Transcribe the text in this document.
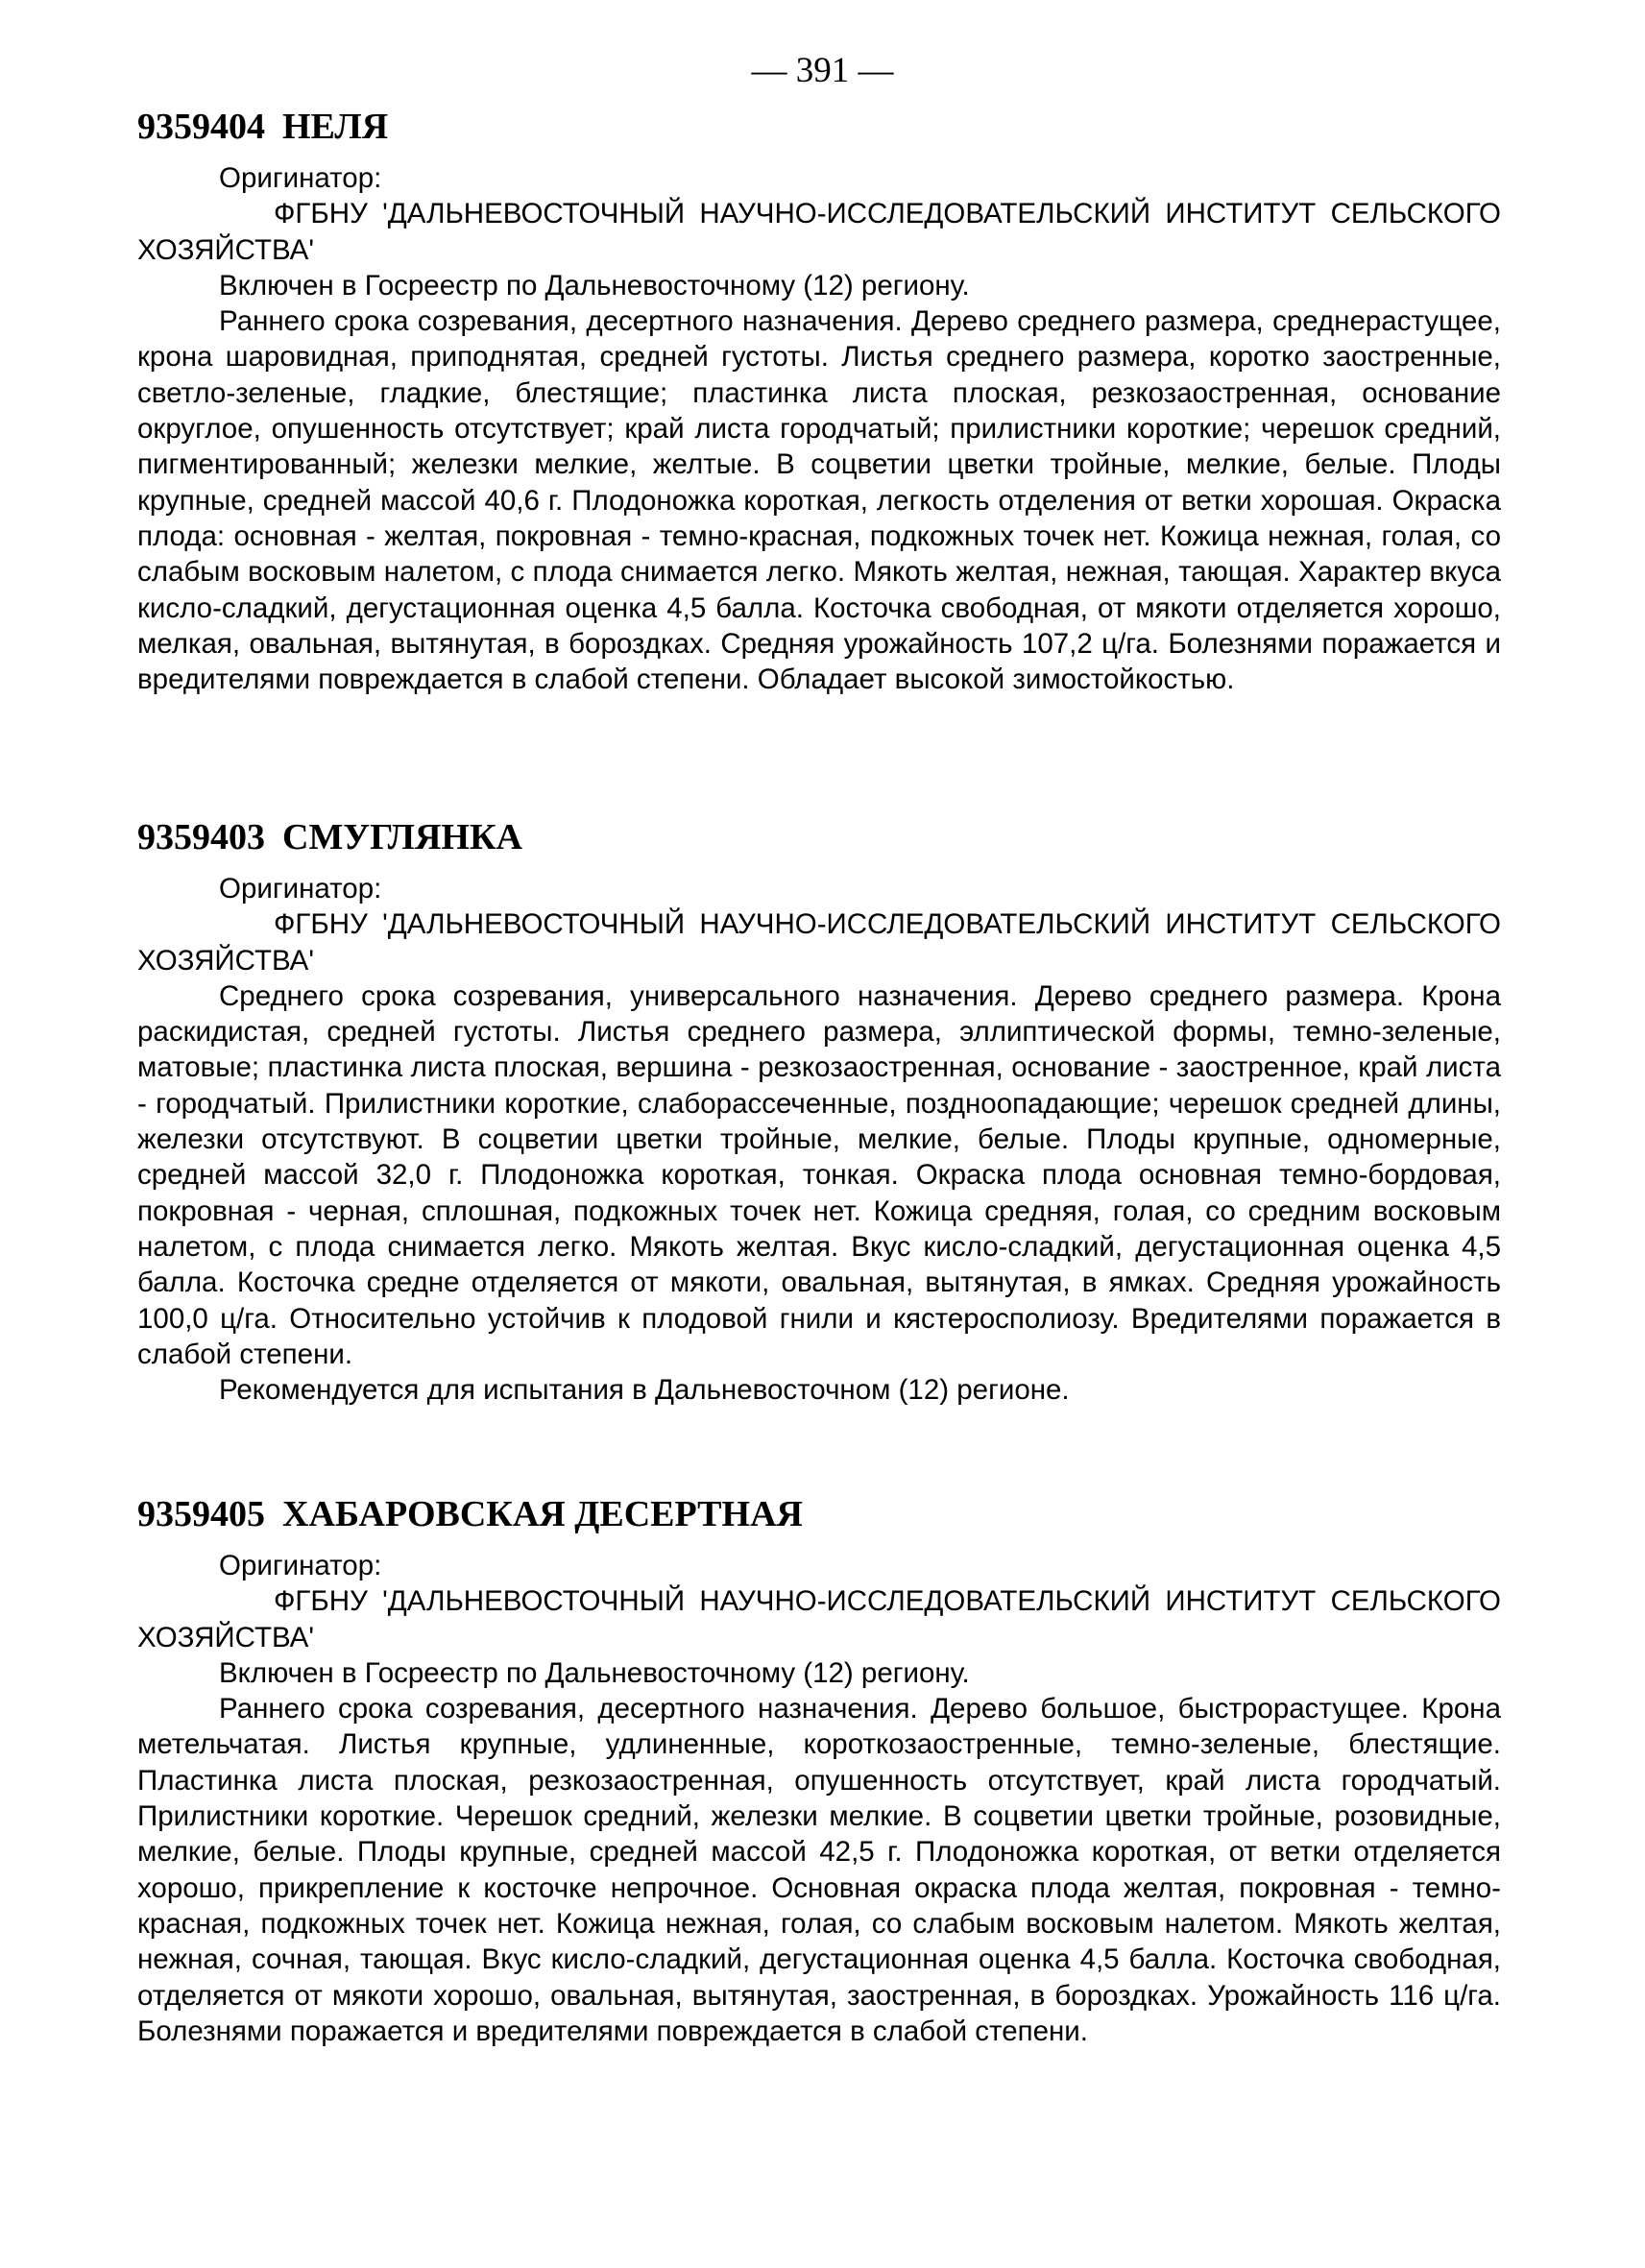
— 391 —
9359404 НЕЛЯ
Оригинатор:
ФГБНУ 'ДАЛЬНЕВОСТОЧНЫЙ НАУЧНО-ИССЛЕДОВАТЕЛЬСКИЙ ИНСТИТУТ СЕЛЬСКОГО ХОЗЯЙСТВА'
Включен в Госреестр по Дальневосточному (12) региону.
Раннего срока созревания, десертного назначения. Дерево среднего размера, среднерастущее, крона шаровидная, приподнятая, средней густоты. Листья среднего размера, коротко заостренные, светло-зеленые, гладкие, блестящие; пластинка листа плоская, резкозаостренная, основание округлое, опушенность отсутствует; край листа городчатый; прилистники короткие; черешок средний, пигментированный; железки мелкие, желтые. В соцветии цветки тройные, мелкие, белые. Плоды крупные, средней массой 40,6 г. Плодоножка короткая, легкость отделения от ветки хорошая. Окраска плода: основная - желтая, покровная - темно-красная, подкожных точек нет. Кожица нежная, голая, со слабым восковым налетом, с плода снимается легко. Мякоть желтая, нежная, тающая. Характер вкуса кисло-сладкий, дегустационная оценка 4,5 балла. Косточка свободная, от мякоти отделяется хорошо, мелкая, овальная, вытянутая, в бороздках. Средняя урожайность 107,2 ц/га. Болезнями поражается и вредителями повреждается в слабой степени. Обладает высокой зимостойкостью.
9359403 СМУГЛЯНКА
Оригинатор:
ФГБНУ 'ДАЛЬНЕВОСТОЧНЫЙ НАУЧНО-ИССЛЕДОВАТЕЛЬСКИЙ ИНСТИТУТ СЕЛЬСКОГО ХОЗЯЙСТВА'
Среднего срока созревания, универсального назначения. Дерево среднего размера. Крона раскидистая, средней густоты. Листья среднего размера, эллиптической формы, темно-зеленые, матовые; пластинка листа плоская, вершина - резкозаостренная, основание - заостренное, край листа - городчатый. Прилистники короткие, слаборассеченные, поздноопадающие; черешок средней длины, железки отсутствуют. В соцветии цветки тройные, мелкие, белые. Плоды крупные, одномерные, средней массой 32,0 г. Плодоножка короткая, тонкая. Окраска плода основная темно-бордовая, покровная - черная, сплошная, подкожных точек нет. Кожица средняя, голая, со средним восковым налетом, с плода снимается легко. Мякоть желтая. Вкус кисло-сладкий, дегустационная оценка 4,5 балла. Косточка средне отделяется от мякоти, овальная, вытянутая, в ямках. Средняя урожайность 100,0 ц/га. Относительно устойчив к плодовой гнили и кястеросполиозу. Вредителями поражается в слабой степени.
Рекомендуется для испытания в Дальневосточном (12) регионе.
9359405 ХАБАРОВСКАЯ ДЕСЕРТНАЯ
Оригинатор:
ФГБНУ 'ДАЛЬНЕВОСТОЧНЫЙ НАУЧНО-ИССЛЕДОВАТЕЛЬСКИЙ ИНСТИТУТ СЕЛЬСКОГО ХОЗЯЙСТВА'
Включен в Госреестр по Дальневосточному (12) региону.
Раннего срока созревания, десертного назначения. Дерево большое, быстрорастущее. Крона метельчатая. Листья крупные, удлиненные, короткозаостренные, темно-зеленые, блестящие. Пластинка листа плоская, резкозаостренная, опушенность отсутствует, край листа городчатый. Прилистники короткие. Черешок средний, железки мелкие. В соцветии цветки тройные, розовидные, мелкие, белые. Плоды крупные, средней массой 42,5 г. Плодоножка короткая, от ветки отделяется хорошо, прикрепление к косточке непрочное. Основная окраска плода желтая, покровная - темно-красная, подкожных точек нет. Кожица нежная, голая, со слабым восковым налетом. Мякоть желтая, нежная, сочная, тающая. Вкус кисло-сладкий, дегустационная оценка 4,5 балла. Косточка свободная, отделяется от мякоти хорошо, овальная, вытянутая, заостренная, в бороздках. Урожайность 116 ц/га. Болезнями поражается и вредителями повреждается в слабой степени.
